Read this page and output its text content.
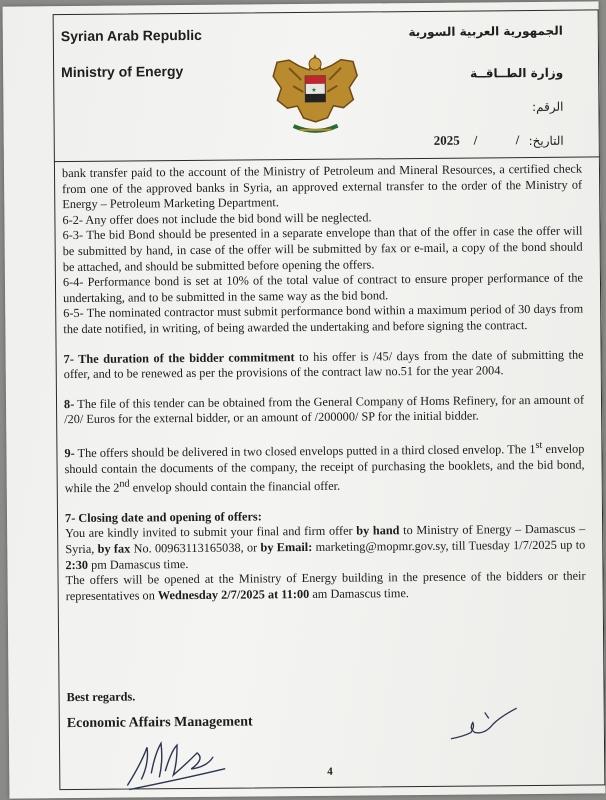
Syrian Arab Republic
Ministry of Energy
الجمهورية العربية السورية
وزارة الطــاقــة
الرقم:
التاريخ:
2025 /	/
★

bank transfer paid to the account of the Ministry of Petroleum and Mineral Resources, a certified check from one of the approved banks in Syria, an approved external transfer to the order of the Ministry of Energy – Petroleum Marketing Department.

6-2- Any offer does not include the bid bond will be neglected.

6-3- The bid Bond should be presented in a separate envelope than that of the offer in case the offer will be submitted by hand, in case of the offer will be submitted by fax or e-mail, a copy of the bond should be attached, and should be submitted before opening the offers.

6-4- Performance bond is set at 10% of the total value of contract to ensure proper performance of the undertaking, and to be submitted in the same way as the bid bond.

6-5- The nominated contractor must submit performance bond within a maximum period of 30 days from the date notified, in writing, of being awarded the undertaking and before signing the contract.

7- The duration of the bidder commitment to his offer is /45/ days from the date of submitting the offer, and to be renewed as per the provisions of the contract law no.51 for the year 2004.

8- The file of this tender can be obtained from the General Company of Homs Refinery, for an amount of /20/ Euros for the external bidder, or an amount of /200000/ SP for the initial bidder.

9- The offers should be delivered in two closed envelops putted in a third closed envelop. The 1st envelop should contain the documents of the company, the receipt of purchasing the booklets, and the bid bond, while the 2nd envelop should contain the financial offer.

7- Closing date and opening of offers:

You are kindly invited to submit your final and firm offer by hand to Ministry of Energy – Damascus – Syria, by fax No. 00963113165038, or by Email: marketing@mopmr.gov.sy, till Tuesday 1/7/2025 up to 2:30 pm Damascus time.

The offers will be opened at the Ministry of Energy building in the presence of the bidders or their representatives on Wednesday 2/7/2025 at 11:00 am Damascus time.

Best regards.
Economic Affairs Management
4
